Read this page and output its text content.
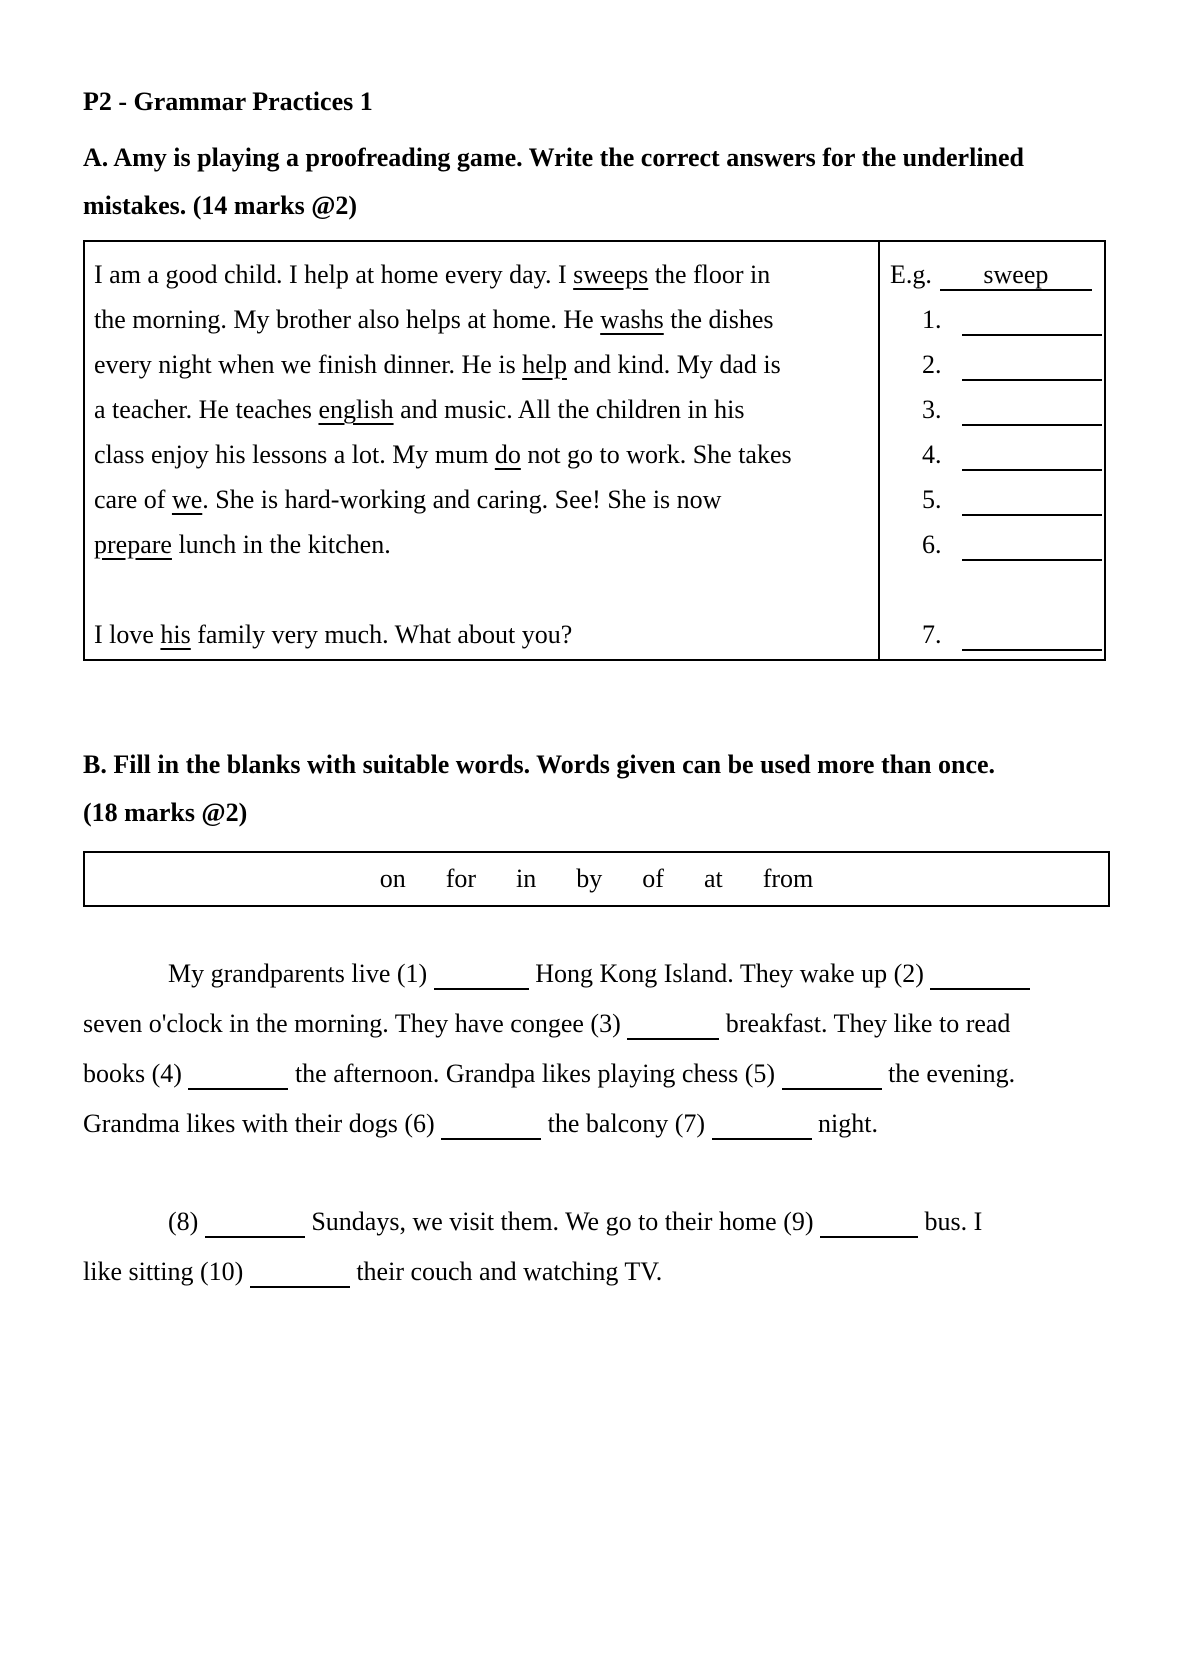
P2 - Grammar Practices 1
A. Amy is playing a proofreading game. Write the correct answers for the underlined
mistakes. (14 marks @2)
I am a good child. I help at home every day. I sweeps the floor in
the morning. My brother also helps at home. He washs the dishes
every night when we finish dinner. He is help and kind. My dad is
a teacher. He teaches english and music. All the children in his
class enjoy his lessons a lot. My mum do not go to work. She takes
care of we. She is hard-working and caring. See! She is now
prepare lunch in the kitchen.
I love his family very much. What about you?

E.g. sweep
1.
2.
3.
4.
5.
6.
7.
B. Fill in the blanks with suitable words. Words given can be used more than once.
(18 marks @2)
on for in by of at from
My grandparents live (1)	Hong Kong Island. They wake up (2)
seven o'clock in the morning. They have congee (3)	breakfast. They like to read
books (4)	the afternoon. Grandpa likes playing chess (5)	the evening.
Grandma likes with their dogs (6)	the balcony (7)	night.
(8)	Sundays, we visit them. We go to their home (9)	bus. I
like sitting (10)	their couch and watching TV.
